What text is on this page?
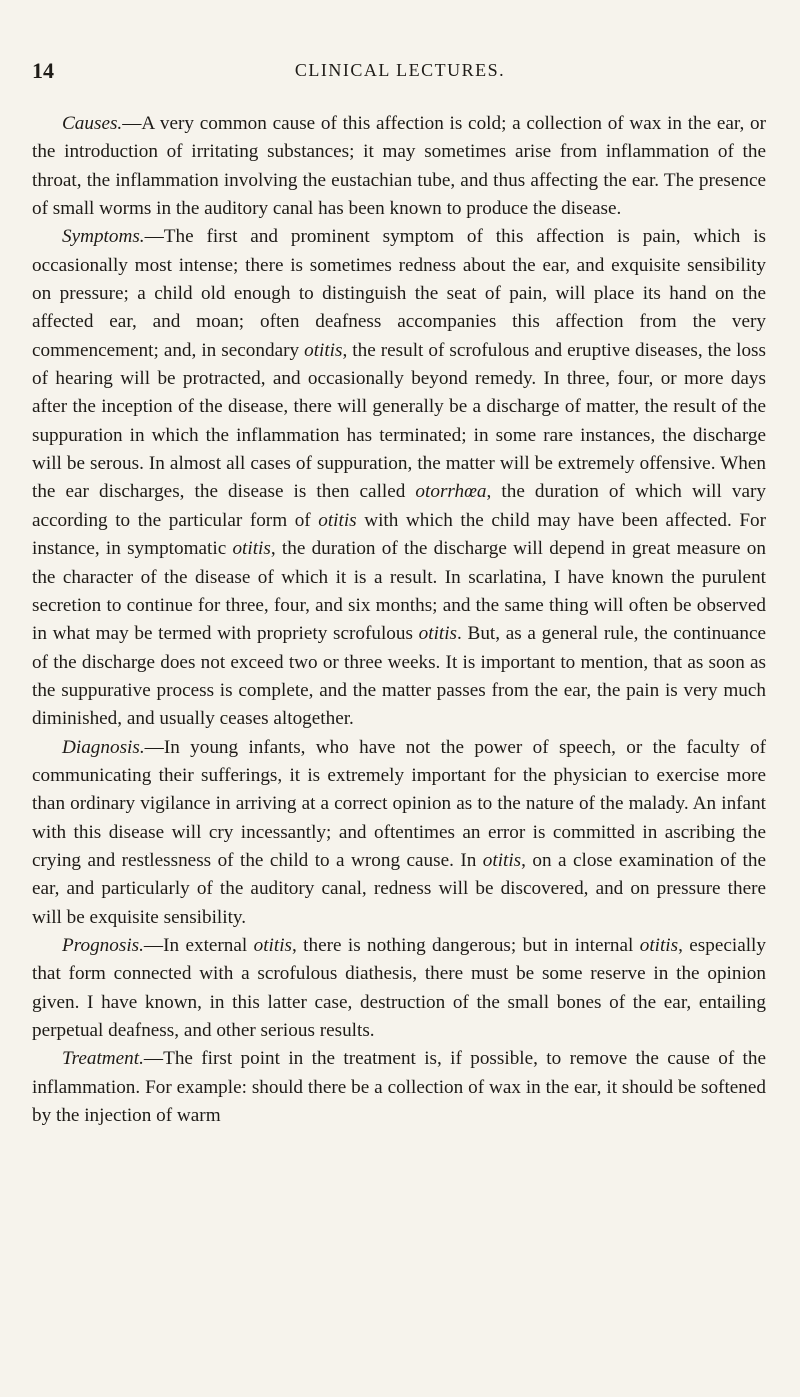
14	CLINICAL LECTURES.

Causes.—A very common cause of this affection is cold; a collection of wax in the ear, or the introduction of irritating substances; it may sometimes arise from inflammation of the throat, the inflammation involving the eustachian tube, and thus affecting the ear. The presence of small worms in the auditory canal has been known to produce the disease.

Symptoms.—The first and prominent symptom of this affection is pain, which is occasionally most intense; there is sometimes redness about the ear, and exquisite sensibility on pressure; a child old enough to distinguish the seat of pain, will place its hand on the affected ear, and moan; often deafness accompanies this affection from the very commencement; and, in secondary otitis, the result of scrofulous and eruptive diseases, the loss of hearing will be protracted, and occasionally beyond remedy. In three, four, or more days after the inception of the disease, there will generally be a discharge of matter, the result of the suppuration in which the inflammation has terminated; in some rare instances, the discharge will be serous. In almost all cases of suppuration, the matter will be extremely offensive. When the ear discharges, the disease is then called otorrhœa, the duration of which will vary according to the particular form of otitis with which the child may have been affected. For instance, in symptomatic otitis, the duration of the discharge will depend in great measure on the character of the disease of which it is a result. In scarlatina, I have known the purulent secretion to continue for three, four, and six months; and the same thing will often be observed in what may be termed with propriety scrofulous otitis. But, as a general rule, the continuance of the discharge does not exceed two or three weeks. It is important to mention, that as soon as the suppurative process is complete, and the matter passes from the ear, the pain is very much diminished, and usually ceases altogether.

Diagnosis.—In young infants, who have not the power of speech, or the faculty of communicating their sufferings, it is extremely important for the physician to exercise more than ordinary vigilance in arriving at a correct opinion as to the nature of the malady. An infant with this disease will cry incessantly; and oftentimes an error is committed in ascribing the crying and restlessness of the child to a wrong cause. In otitis, on a close examination of the ear, and particularly of the auditory canal, redness will be discovered, and on pressure there will be exquisite sensibility.

Prognosis.—In external otitis, there is nothing dangerous; but in internal otitis, especially that form connected with a scrofulous diathesis, there must be some reserve in the opinion given. I have known, in this latter case, destruction of the small bones of the ear, entailing perpetual deafness, and other serious results.

Treatment.—The first point in the treatment is, if possible, to remove the cause of the inflammation. For example: should there be a collection of wax in the ear, it should be softened by the injection of warm
